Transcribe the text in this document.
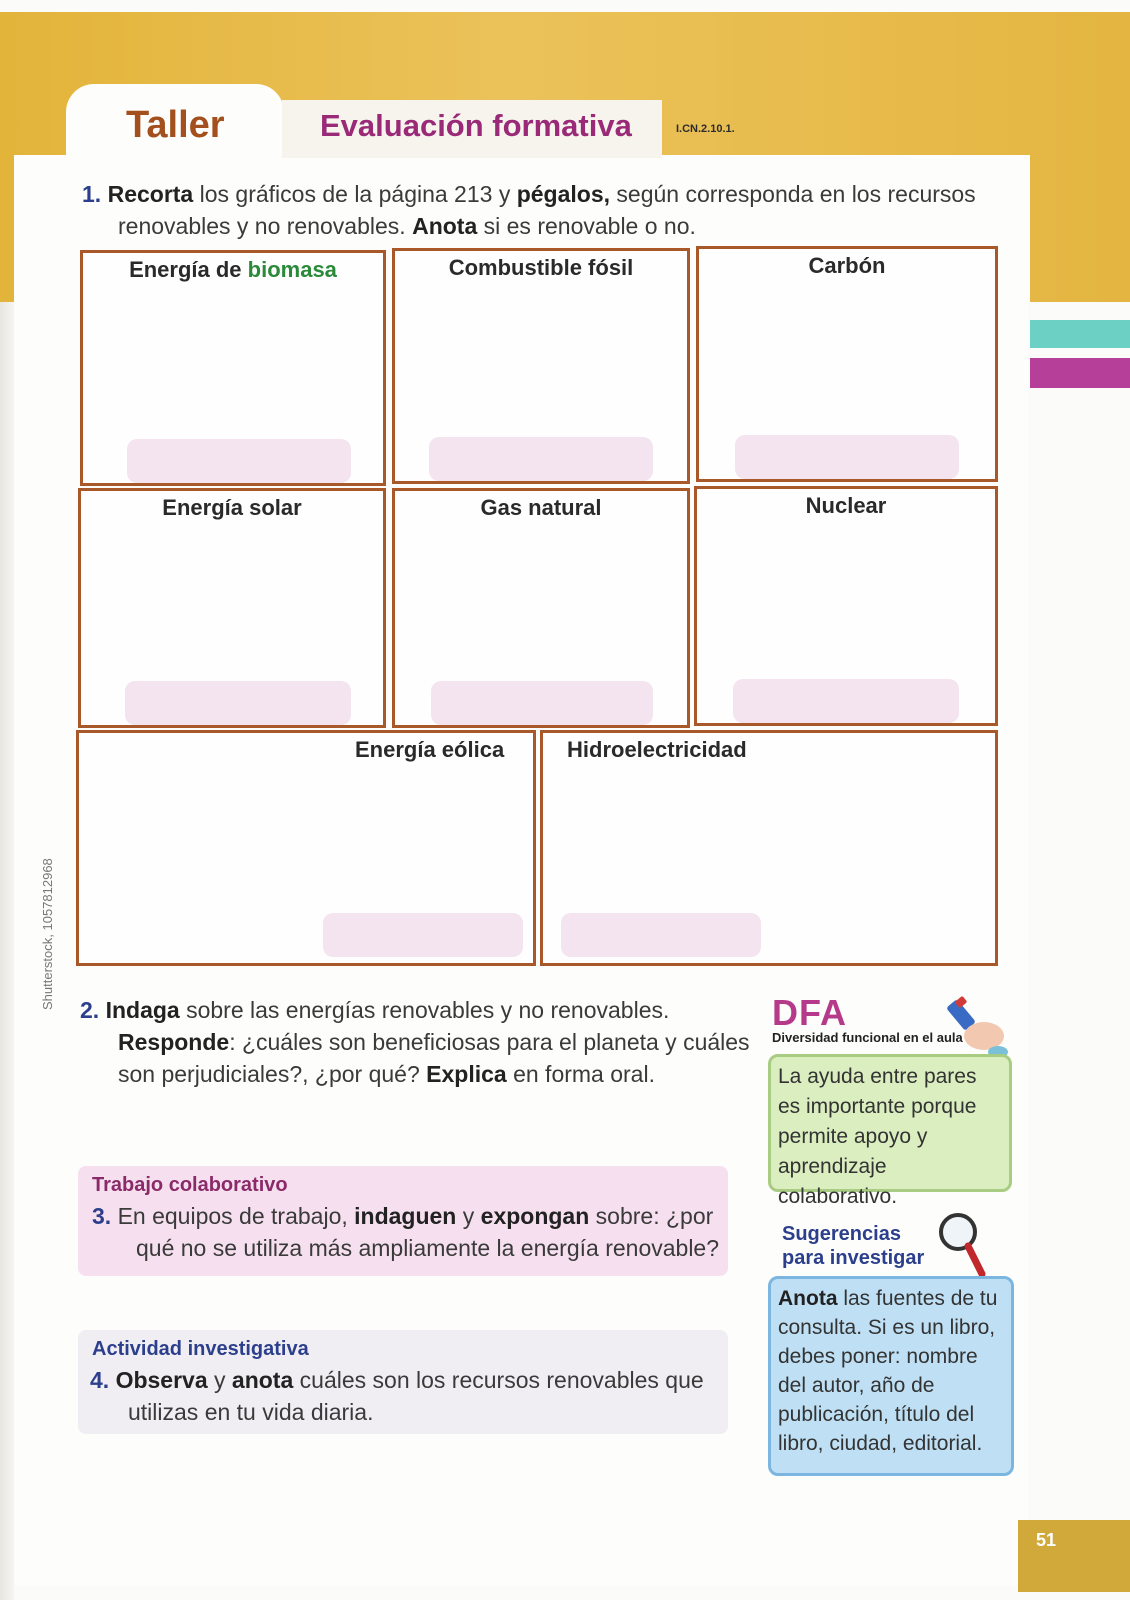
Taller	Evaluación formativa	I.CN.2.10.1.
1. Recorta los gráficos de la página 213 y pégalos, según corresponda en los recursos
renovables y no renovables. Anota si es renovable o no.
Energía de biomasa	Combustible fósil	Carbón
Energía solar	Gas natural	Nuclear
Energía eólica	Hidroelectricidad
Shutterstock, 1057812968 2. Indaga sobre las energías renovables y no renovables.
Responde: ¿cuáles son beneficiosas para el planeta y cuáles
son perjudiciales?, ¿por qué? Explica en forma oral.
Trabajo colaborativo
3. En equipos de trabajo, indaguen y expongan sobre: ¿por
qué no se utiliza más ampliamente la energía renovable?
Actividad investigativa
4. Observa y anota cuáles son los recursos renovables que
utilizas en tu vida diaria.
DFA
Diversidad funcional en el aula
La ayuda entre pares
es importante porque
permite apoyo y
aprendizaje colaborativo.
Sugerencias
para investigar
Anota las fuentes de tu
consulta. Si es un libro,
debes poner: nombre
del autor, año de
publicación, título del
libro, ciudad, editorial.
51
